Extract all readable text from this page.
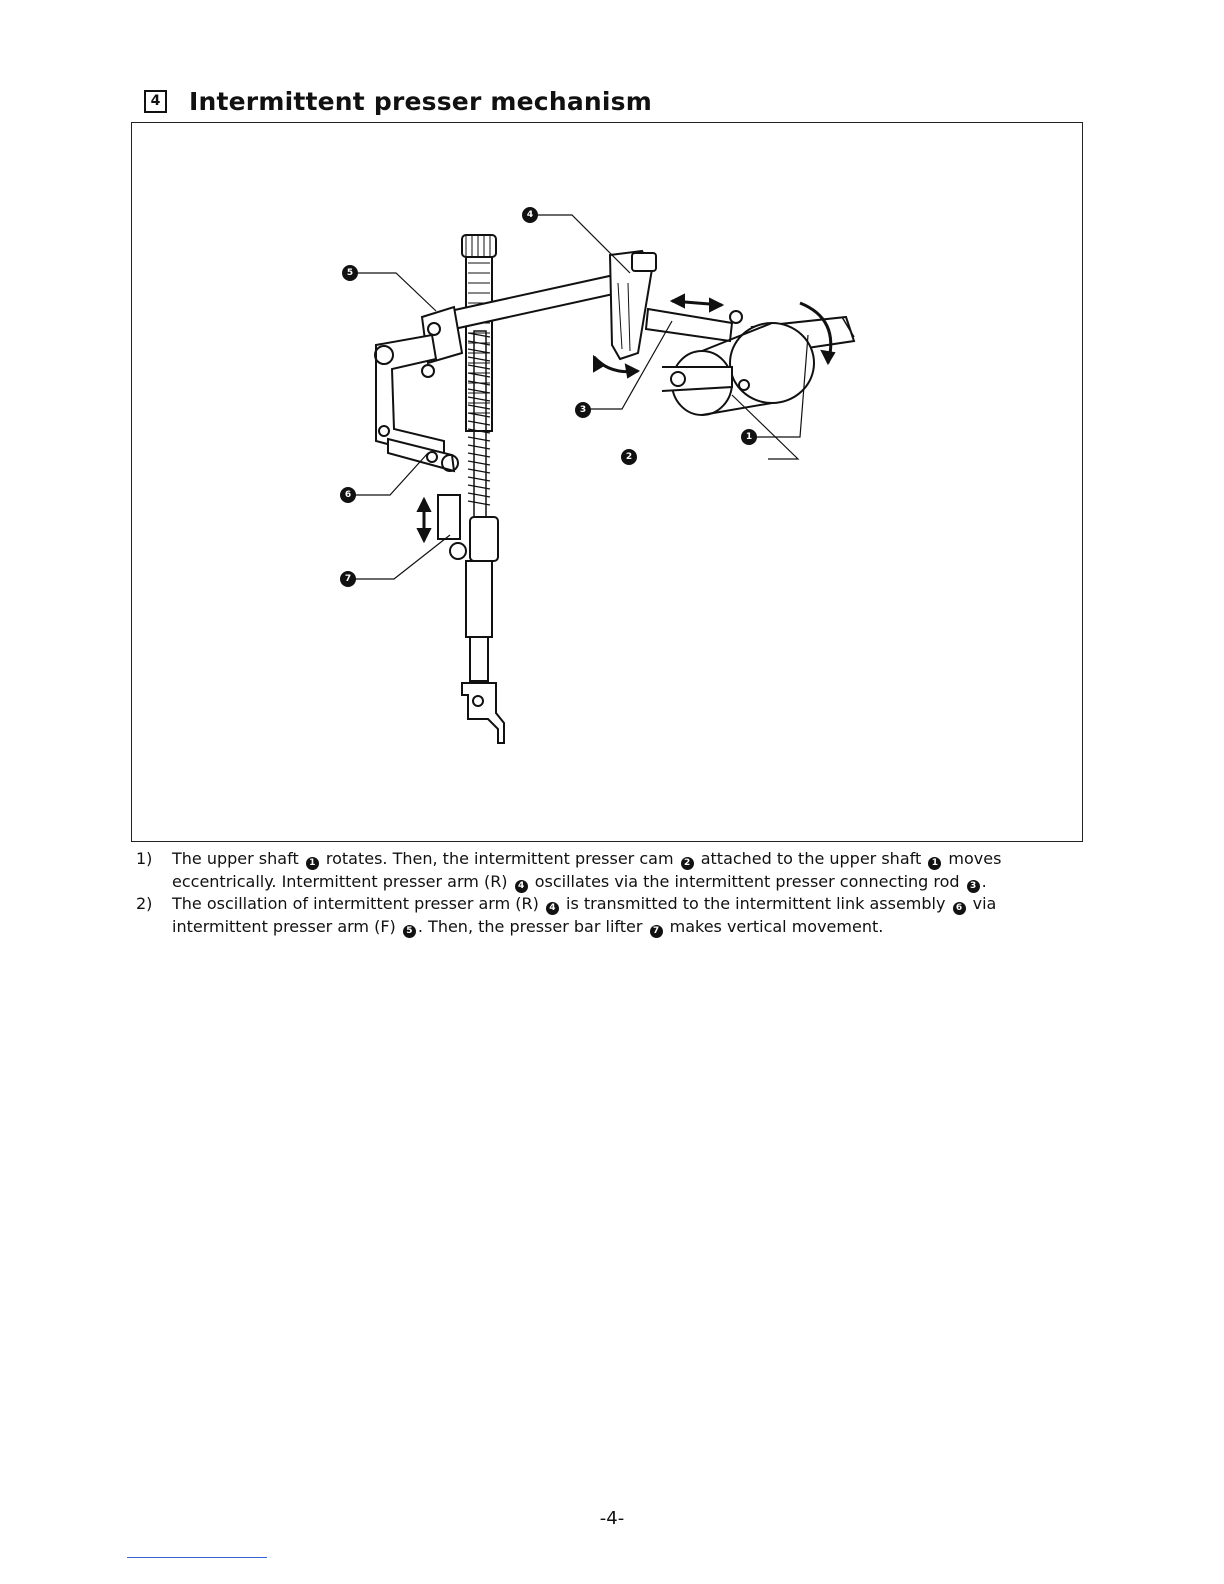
4 Intermittent presser mechanism
4
5
3
2
1
6
7
1)	The upper shaft 1 rotates. Then, the intermittent presser cam 2 attached to the upper shaft 1 moves eccentrically. Intermittent presser arm (R) 4 oscillates via the intermittent presser connecting rod 3 .
2)	The oscillation of intermittent presser arm (R) 4 is transmitted to the intermittent link assembly 6 via intermittent presser arm (F) 5 . Then, the presser bar lifter 7 makes vertical movement.
-4-
